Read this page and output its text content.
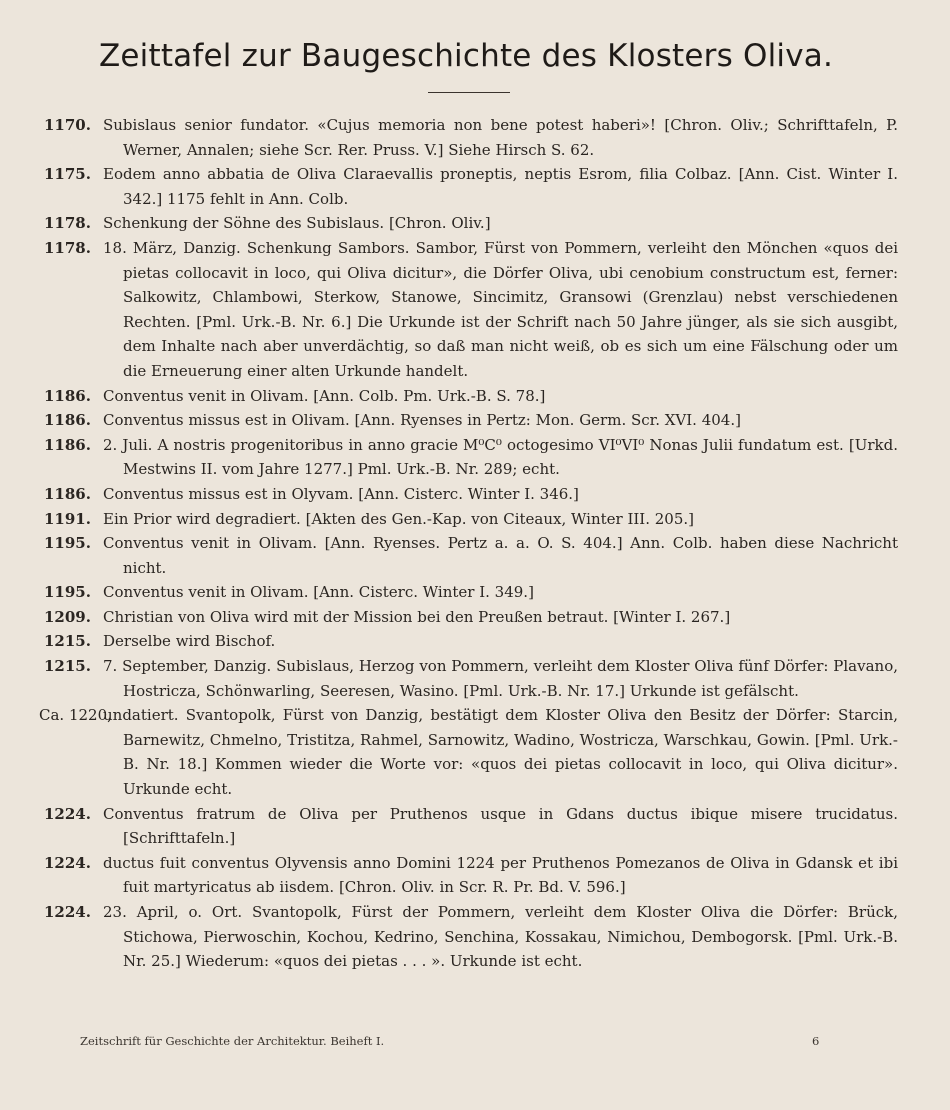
Zeittafel zur Baugeschichte des Klosters Oliva.
1170. Subislaus senior fundator. «Cujus memoria non bene potest haberi»! [Chron. Oliv.; Schrifttafeln, P. Werner, Annalen; siehe Scr. Rer. Pruss. V.] Siehe Hirsch S. 62.

1175. Eodem anno abbatia de Oliva Claraevallis proneptis, neptis Esrom, filia Colbaz. [Ann. Cist. Winter I. 342.] 1175 fehlt in Ann. Colb.

1178. Schenkung der Söhne des Subislaus. [Chron. Oliv.]

1178. 18. März, Danzig. Schenkung Sambors. Sambor, Fürst von Pommern, verleiht den Mönchen «quos dei pietas collocavit in loco, qui Oliva dicitur», die Dörfer Oliva, ubi cenobium constructum est, ferner: Salkowitz, Chlambowi, Sterkow, Stanowe, Sincimitz, Gransowi (Grenzlau) nebst verschiedenen Rechten. [Pml. Urk.-B. Nr. 6.] Die Urkunde ist der Schrift nach 50 Jahre jünger, als sie sich ausgibt, dem Inhalte nach aber unverdächtig, so daß man nicht weiß, ob es sich um eine Fälschung oder um die Erneuerung einer alten Urkunde handelt.

1186. Conventus venit in Olivam. [Ann. Colb. Pm. Urk.-B. S. 78.]

1186. Conventus missus est in Olivam. [Ann. Ryenses in Pertz: Mon. Germ. Scr. XVI. 404.]

1186. 2. Juli. A nostris progenitoribus in anno gracie M⁰C⁰ octogesimo VI⁰VI⁰ Nonas Julii fundatum est. [Urkd. Mestwins II. vom Jahre 1277.] Pml. Urk.-B. Nr. 289; echt.

1186. Conventus missus est in Olyvam. [Ann. Cisterc. Winter I. 346.]

1191. Ein Prior wird degradiert. [Akten des Gen.-Kap. von Citeaux, Winter III. 205.]

1195. Conventus venit in Olivam. [Ann. Ryenses. Pertz a. a. O. S. 404.] Ann. Colb. haben diese Nachricht nicht.

1195. Conventus venit in Olivam. [Ann. Cisterc. Winter I. 349.]

1209. Christian von Oliva wird mit der Mission bei den Preußen betraut. [Winter I. 267.]

1215. Derselbe wird Bischof.

1215. 7. September, Danzig. Subislaus, Herzog von Pommern, verleiht dem Kloster Oliva fünf Dörfer: Plavano, Hostricza, Schönwarling, Seeresen, Wasino. [Pml. Urk.-B. Nr. 17.] Urkunde ist gefälscht.

Ca. 1220,

undatiert. Svantopolk, Fürst von Danzig, bestätigt dem Kloster Oliva den Besitz der Dörfer: Starcin, Barnewitz, Chmelno, Tristitza, Rahmel, Sarnowitz, Wadino, Wostricza, Warschkau, Gowin. [Pml. Urk.-B. Nr. 18.] Kommen wieder die Worte vor: «quos dei pietas collocavit in loco, qui Oliva dicitur». Urkunde echt.

1224. Conventus fratrum de Oliva per Pruthenos usque in Gdans ductus ibique misere trucidatus. [Schrifttafeln.]

1224. ductus fuit conventus Olyvensis anno Domini 1224 per Pruthenos Pomezanos de Oliva in Gdansk et ibi fuit martyricatus ab iisdem. [Chron. Oliv. in Scr. R. Pr. Bd. V. 596.]

1224. 23. April, o. Ort. Svantopolk, Fürst der Pommern, verleiht dem Kloster Oliva die Dörfer: Brück, Stichowa, Pierwoschin, Kochou, Kedrino, Senchina, Kossakau, Nimichou, Dembogorsk. [Pml. Urk.-B. Nr. 25.] Wiederum: «quos dei pietas . . . ». Urkunde ist echt.

Zeitschrift für Geschichte der Architektur. Beiheft I.	6
